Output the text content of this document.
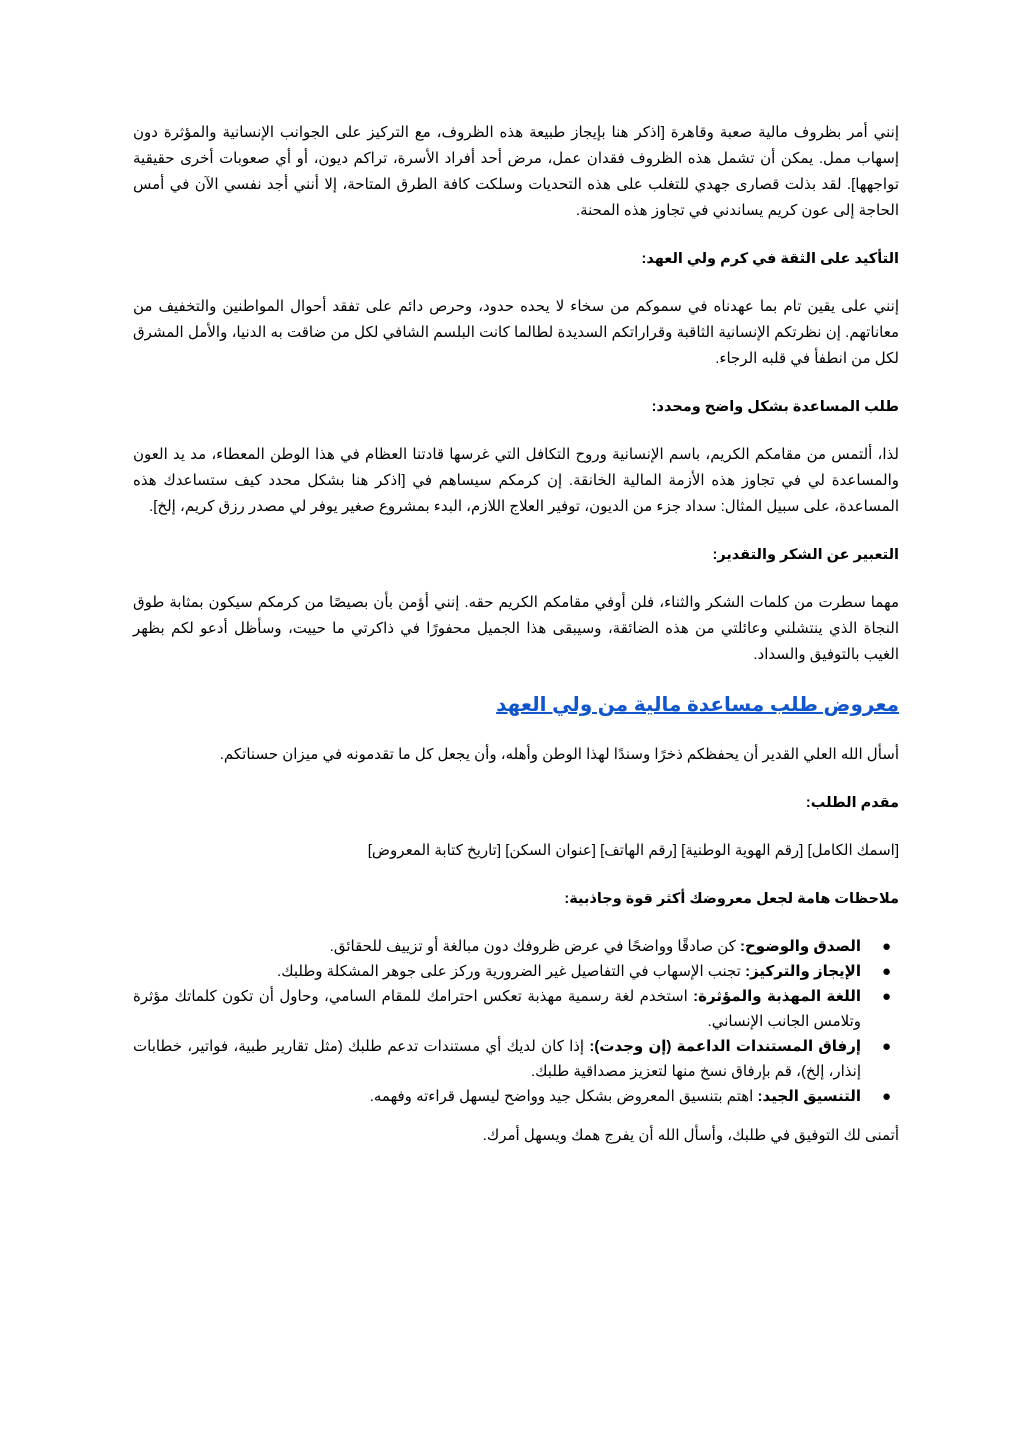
إنني أمر بظروف مالية صعبة وقاهرة [اذكر هنا بإيجاز طبيعة هذه الظروف، مع التركيز على الجوانب الإنسانية والمؤثرة دون إسهاب ممل. يمكن أن تشمل هذه الظروف فقدان عمل، مرض أحد أفراد الأسرة، تراكم ديون، أو أي صعوبات أخرى حقيقية تواجهها]. لقد بذلت قصارى جهدي للتغلب على هذه التحديات وسلكت كافة الطرق المتاحة، إلا أنني أجد نفسي الآن في أمس الحاجة إلى عون كريم يساندني في تجاوز هذه المحنة.

التأكيد على الثقة في كرم ولي العهد:

إنني على يقين تام بما عهدناه في سموكم من سخاء لا يحده حدود، وحرص دائم على تفقد أحوال المواطنين والتخفيف من معاناتهم. إن نظرتكم الإنسانية الثاقبة وقراراتكم السديدة لطالما كانت البلسم الشافي لكل من ضاقت به الدنيا، والأمل المشرق لكل من انطفأ في قلبه الرجاء.

طلب المساعدة بشكل واضح ومحدد:

لذا، ألتمس من مقامكم الكريم، باسم الإنسانية وروح التكافل التي غرسها قادتنا العظام في هذا الوطن المعطاء، مد يد العون والمساعدة لي في تجاوز هذه الأزمة المالية الخانقة. إن كرمكم سيساهم في [اذكر هنا بشكل محدد كيف ستساعدك هذه المساعدة، على سبيل المثال: سداد جزء من الديون، توفير العلاج اللازم، البدء بمشروع صغير يوفر لي مصدر رزق كريم، إلخ].

التعبير عن الشكر والتقدير:

مهما سطرت من كلمات الشكر والثناء، فلن أوفي مقامكم الكريم حقه. إنني أؤمن بأن بصيصًا من كرمكم سيكون بمثابة طوق النجاة الذي ينتشلني وعائلتي من هذه الضائقة، وسيبقى هذا الجميل محفورًا في ذاكرتي ما حييت، وسأظل أدعو لكم بظهر الغيب بالتوفيق والسداد.

معروض طلب مساعدة مالية من ولي العهد

أسأل الله العلي القدير أن يحفظكم ذخرًا وسندًا لهذا الوطن وأهله، وأن يجعل كل ما تقدمونه في ميزان حسناتكم.

مقدم الطلب:

[اسمك الكامل] [رقم الهوية الوطنية] [رقم الهاتف] [عنوان السكن] [تاريخ كتابة المعروض]

ملاحظات هامة لجعل معروضك أكثر قوة وجاذبية:
●
الصدق والوضوح: كن صادقًا وواضحًا في عرض ظروفك دون مبالغة أو تزييف للحقائق.
●
الإيجاز والتركيز: تجنب الإسهاب في التفاصيل غير الضرورية وركز على جوهر المشكلة وطلبك.
●
اللغة المهذبة والمؤثرة: استخدم لغة رسمية مهذبة تعكس احترامك للمقام السامي، وحاول أن تكون كلماتك مؤثرة وتلامس الجانب الإنساني.
●
إرفاق المستندات الداعمة (إن وجدت): إذا كان لديك أي مستندات تدعم طلبك (مثل تقارير طبية، فواتير، خطابات إنذار، إلخ)، قم بإرفاق نسخ منها لتعزيز مصداقية طلبك.
●
التنسيق الجيد: اهتم بتنسيق المعروض بشكل جيد وواضح ليسهل قراءته وفهمه.

أتمنى لك التوفيق في طلبك، وأسأل الله أن يفرج همك ويسهل أمرك.
